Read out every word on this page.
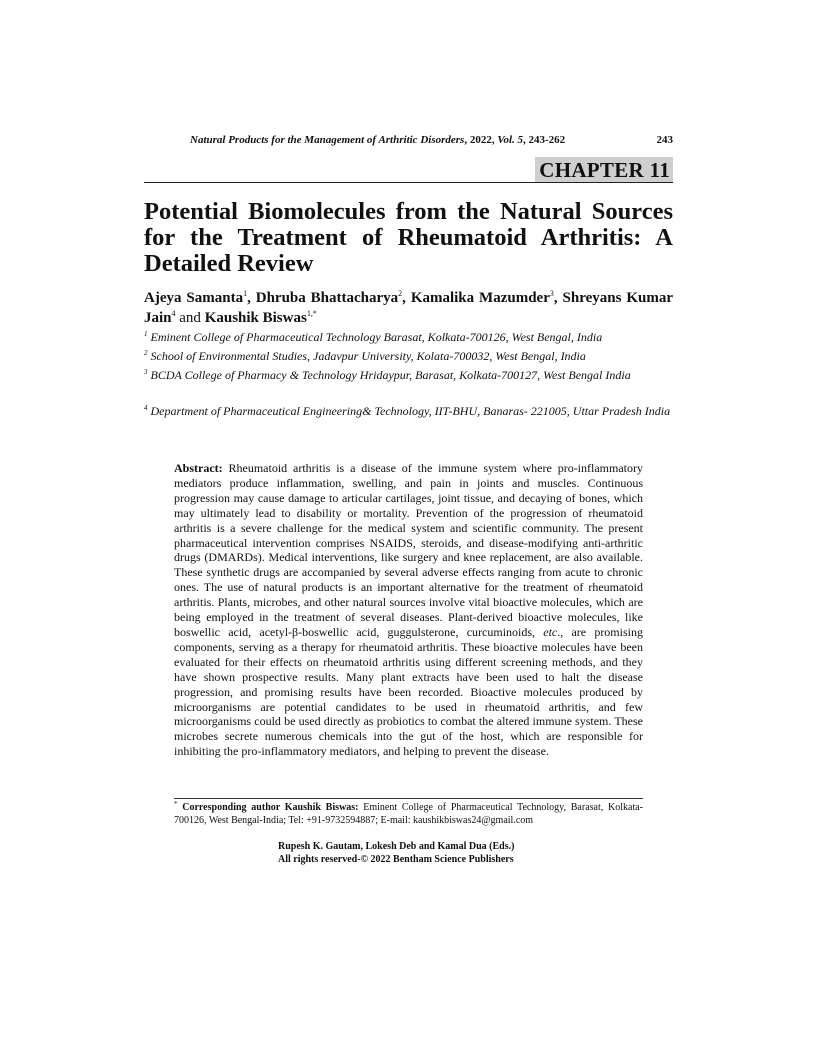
Natural Products for the Management of Arthritic Disorders, 2022, Vol. 5, 243-262	243
CHAPTER 11
Potential Biomolecules from the Natural Sources for the Treatment of Rheumatoid Arthritis: A Detailed Review
Ajeya Samanta$^1$, Dhruba Bhattacharya$^2$, Kamalika Mazumder$^3$, Shreyans Kumar Jain$^4$ and Kaushik Biswas$^{1,*}$
$^1$ Eminent College of Pharmaceutical Technology Barasat, Kolkata-700126, West Bengal, India
$^2$ School of Environmental Studies, Jadavpur University, Kolata-700032, West Bengal, India
$^3$ BCDA College of Pharmacy & Technology Hridaypur, Barasat, Kolkata-700127, West Bengal India
$^4$ Department of Pharmaceutical Engineering& Technology, IIT-BHU, Banaras- 221005, Uttar Pradesh India

Abstract: Rheumatoid arthritis is a disease of the immune system where pro-inflammatory mediators produce inflammation, swelling, and pain in joints and muscles. Continuous progression may cause damage to articular cartilages, joint tissue, and decaying of bones, which may ultimately lead to disability or mortality. Prevention of the progression of rheumatoid arthritis is a severe challenge for the medical system and scientific community. The present pharmaceutical intervention comprises NSAIDS, steroids, and disease-modifying anti-arthritic drugs (DMARDs). Medical interventions, like surgery and knee replacement, are also available. These synthetic drugs are accompanied by several adverse effects ranging from acute to chronic ones. The use of natural products is an important alternative for the treatment of rheumatoid arthritis. Plants, microbes, and other natural sources involve vital bioactive molecules, which are being employed in the treatment of several diseases. Plant-derived bioactive molecules, like boswellic acid, acetyl-β-boswellic acid, guggulsterone, curcuminoids, etc., are promising components, serving as a therapy for rheumatoid arthritis. These bioactive molecules have been evaluated for their effects on rheumatoid arthritis using different screening methods, and they have shown prospective results. Many plant extracts have been used to halt the disease progression, and promising results have been recorded. Bioactive molecules produced by microorganisms are potential candidates to be used in rheumatoid arthritis, and few microorganisms could be used directly as probiotics to combat the altered immune system. These microbes secrete numerous chemicals into the gut of the host, which are responsible for inhibiting the pro-inflammatory mediators, and helping to prevent the disease.

* Corresponding author Kaushik Biswas: Eminent College of Pharmaceutical Technology, Barasat, Kolkata-700126, West Bengal-India; Tel: +91-9732594887; E-mail: kaushikbiswas24@gmail.com
Rupesh K. Gautam, Lokesh Deb and Kamal Dua (Eds.)
All rights reserved-© 2022 Bentham Science Publishers
